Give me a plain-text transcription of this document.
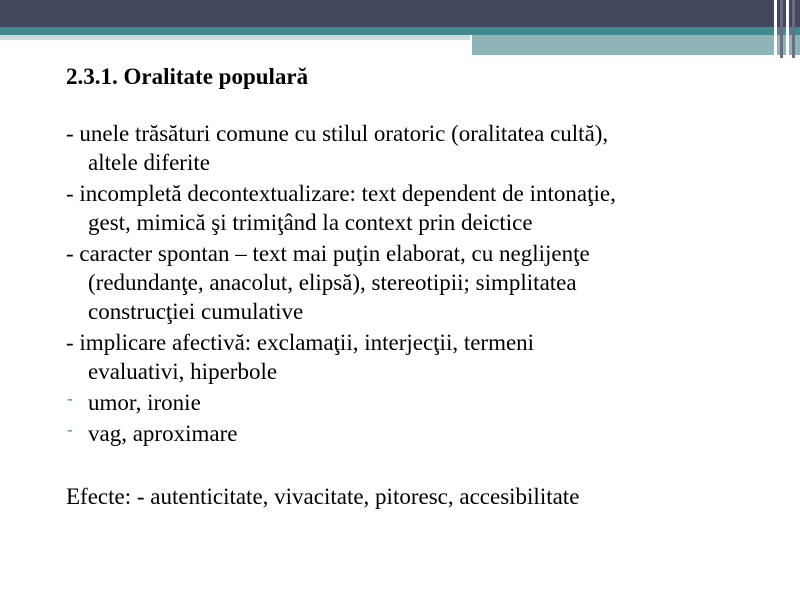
2.3.1. Oralitate populară
- unele trăsături comune cu stilul oratoric (oralitatea cultă),
altele diferite
- incompletă decontextualizare: text dependent de intonaţie,
gest, mimică şi trimiţând la context prin deictice
- caracter spontan – text mai puţin elaborat, cu neglijenţe
(redundanţe, anacolut, elipsă), stereotipii; simplitatea
construcţiei cumulative
- implicare afectivă: exclamaţii, interjecţii, termeni
evaluativi, hiperbole
- umor, ironie
- vag, aproximare
Efecte: - autenticitate, vivacitate, pitoresc, accesibilitate
